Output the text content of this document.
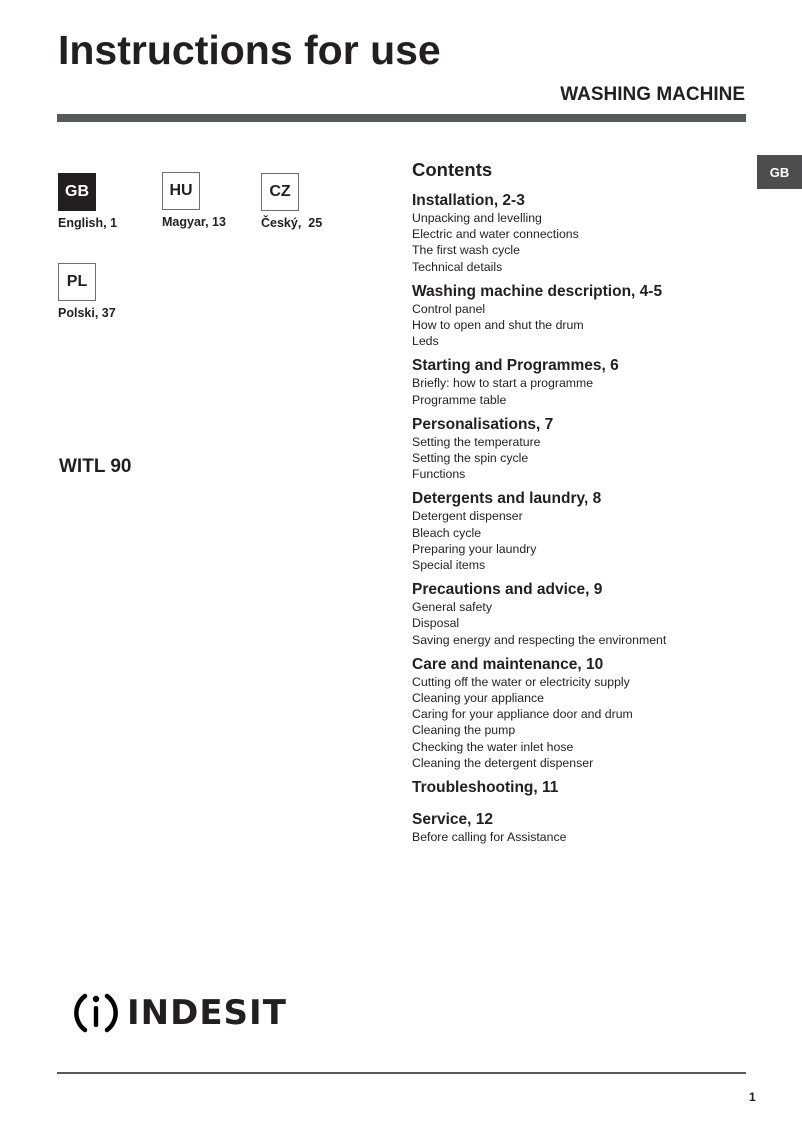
Instructions for use
WASHING MACHINE
GB
GB
English, 1
HU
Magyar, 13
CZ
Český,  25
PL
Polski, 37
WITL 90
Contents
Installation, 2-3
Unpacking and levelling
Electric and water connections
The first wash cycle
Technical details
Washing machine description, 4-5
Control panel
How to open and shut the drum
Leds
Starting and Programmes, 6
Briefly: how to start a programme
Programme table
Personalisations, 7
Setting the temperature
Setting the spin cycle
Functions
Detergents and laundry, 8
Detergent dispenser
Bleach cycle
Preparing your laundry
Special items
Precautions and advice, 9
General safety
Disposal
Saving energy and respecting the environment
Care and maintenance, 10
Cutting off the water or electricity supply
Cleaning your appliance
Caring for your appliance door and drum
Cleaning the pump
Checking the water inlet hose
Cleaning the detergent dispenser
Troubleshooting, 11
Service, 12
Before calling for Assistance
INDESIT
1
